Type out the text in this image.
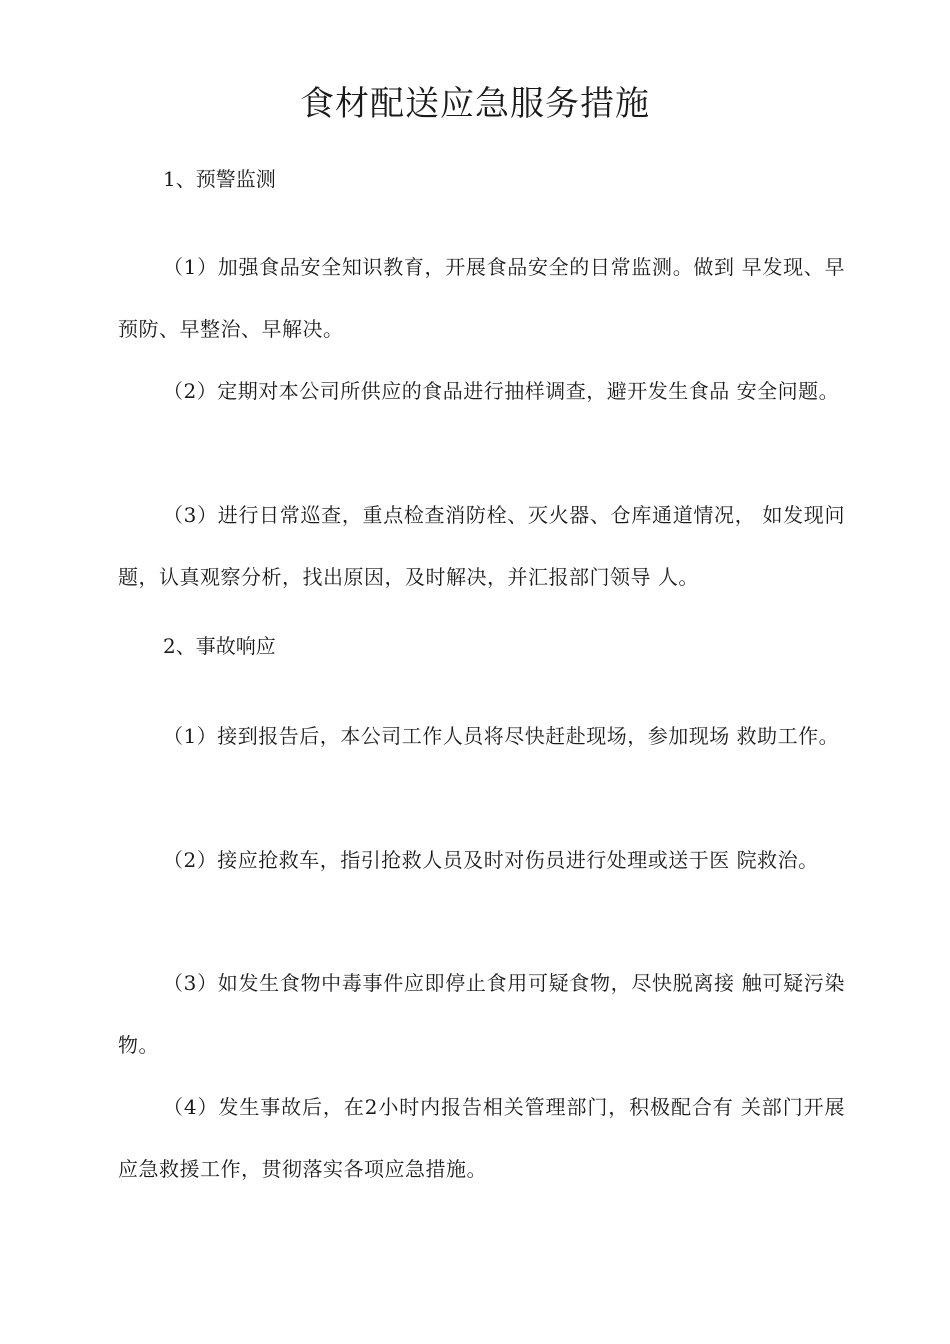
食材配送应急服务措施
1、预警监测

（1）加强食品安全知识教育，开展食品安全的日常监测。做到 早发现、早预防、早整治、早解决。

（2）定期对本公司所供应的食品进行抽样调查，避开发生食品 安全问题。

（3）进行日常巡查，重点检查消防栓、灭火器、仓库通道情况， 如发现问题，认真观察分析，找出原因，及时解决，并汇报部门领导 人。

2、事故响应

（1）接到报告后，本公司工作人员将尽快赶赴现场，参加现场 救助工作。

（2）接应抢救车，指引抢救人员及时对伤员进行处理或送于医 院救治。

（3）如发生食物中毒事件应即停止食用可疑食物，尽快脱离接 触可疑污染物。

（4）发生事故后，在2小时内报告相关管理部门，积极配合有 关部门开展应急救援工作，贯彻落实各项应急措施。
